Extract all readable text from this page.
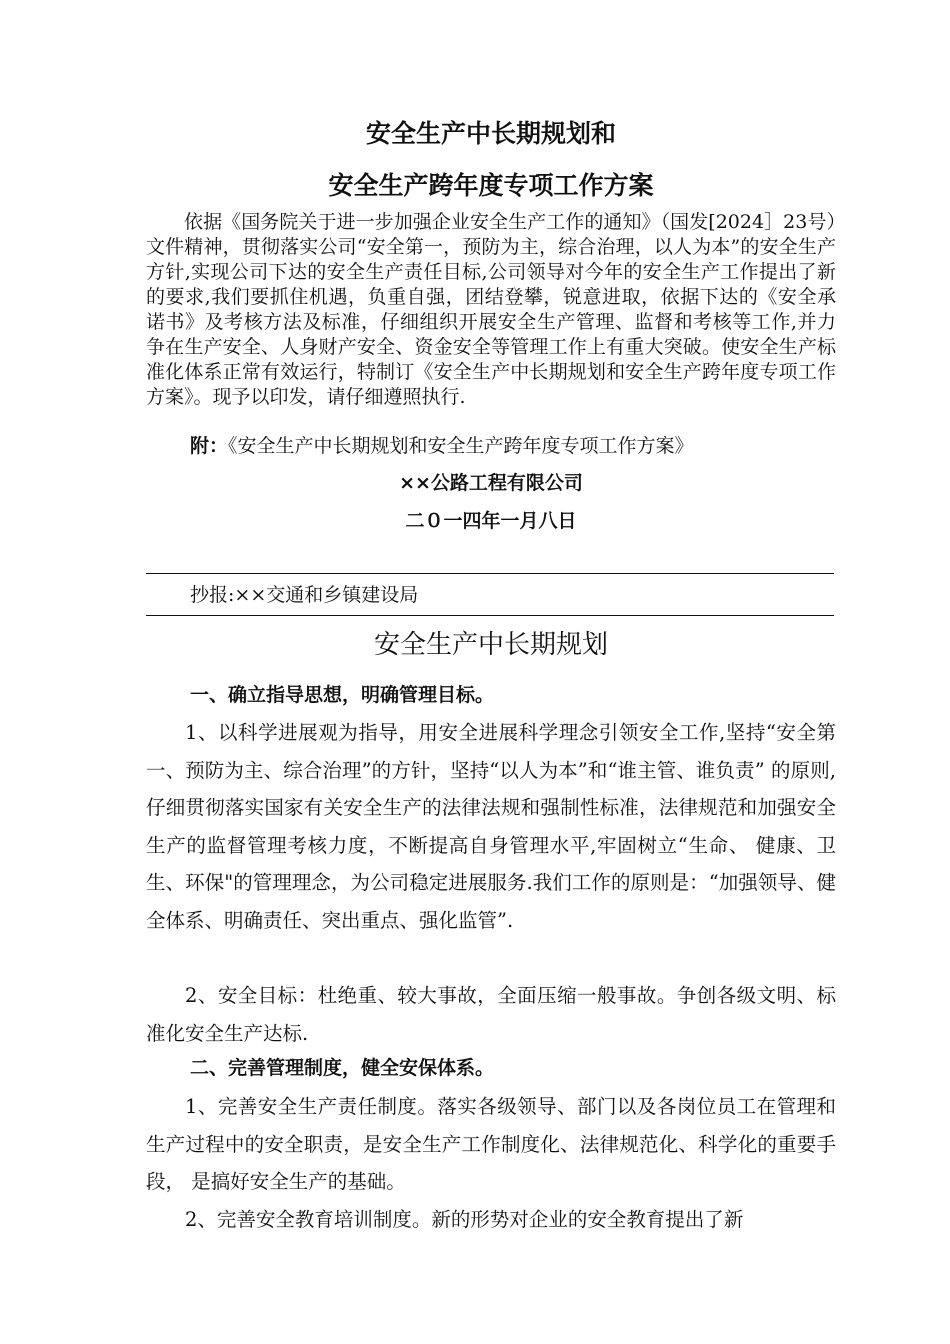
安全生产中长期规划和
安全生产跨年度专项工作方案

依据《国务院关于进一步加强企业安全生产工作的通知》（国发[2024］23号）文件精神，贯彻落实公司“安全第一，预防为主，综合治理，以人为本”的安全生产方针,实现公司下达的安全生产责任目标,公司领导对今年的安全生产工作提出了新的要求,我们要抓住机遇，负重自强，团结登攀，锐意进取，依据下达的《安全承诺书》及考核方法及标准，仔细组织开展安全生产管理、监督和考核等工作,并力争在生产安全、人身财产安全、资金安全等管理工作上有重大突破。使安全生产标准化体系正常有效运行，特制订《安全生产中长期规划和安全生产跨年度专项工作方案》。现予以印发，请仔细遵照执行.

附：《安全生产中长期规划和安全生产跨年度专项工作方案》
××公路工程有限公司
二０一四年一月八日
抄报:××交通和乡镇建设局
安全生产中长期规划
一、确立指导思想，明确管理目标。

1、以科学进展观为指导，用安全进展科学理念引领安全工作,坚持“安全第一、预防为主、综合治理”的方针，坚持“以人为本”和“谁主管、谁负责” 的原则,仔细贯彻落实国家有关安全生产的法律法规和强制性标准，法律规范和加强安全生产的监督管理考核力度，不断提高自身管理水平,牢固树立“生命、 健康、卫生、环保"的管理理念，为公司稳定进展服务.我们工作的原则是：“加强领导、健全体系、明确责任、突出重点、强化监管”.

2、安全目标：杜绝重、较大事故，全面压缩一般事故。争创各级文明、标准化安全生产达标.

二、完善管理制度，健全安保体系。

1、完善安全生产责任制度。落实各级领导、部门以及各岗位员工在管理和生产过程中的安全职责，是安全生产工作制度化、法律规范化、科学化的重要手段， 是搞好安全生产的基础。

2、完善安全教育培训制度。新的形势对企业的安全教育提出了新
